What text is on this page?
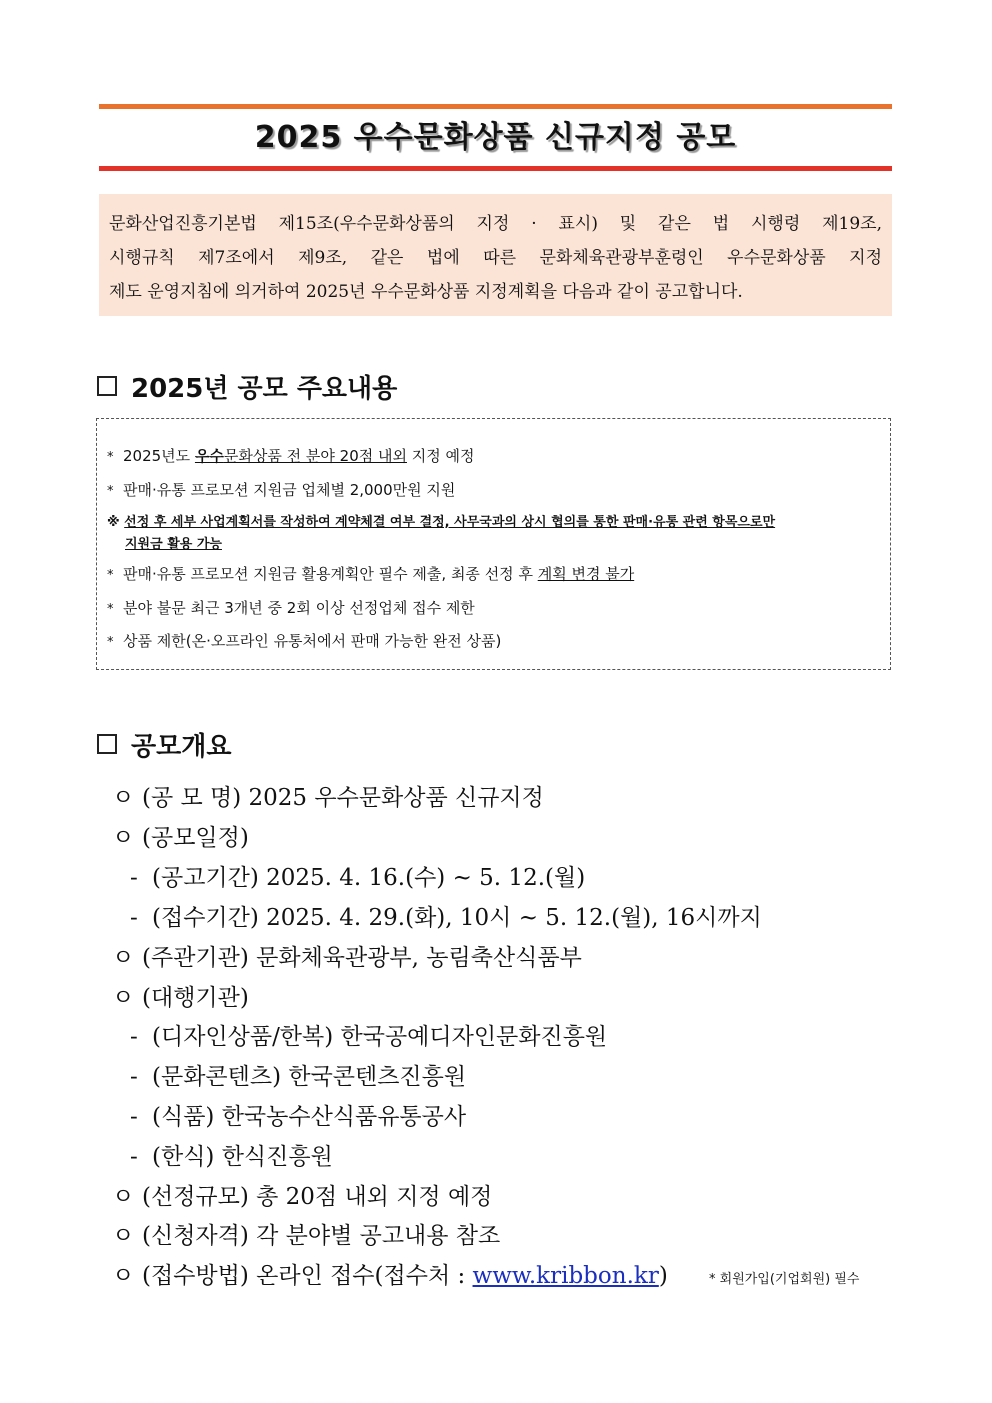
2025 우수문화상품 신규지정 공모

문화산업진흥기본법 제15조(우수문화상품의 지정 · 표시) 및 같은 법 시행령 제19조,

시행규칙 제7조에서 제9조, 같은 법에 따른 문화체육관광부훈령인 우수문화상품 지정

제도 운영지침에 의거하여 2025년 우수문화상품 지정계획을 다음과 같이 공고합니다.

2025년 공모 주요내용
* 2025년도 우수문화상품 전 분야 20점 내외 지정 예정
* 판매·유통 프로모션 지원금 업체별 2,000만원 지원
※ 선정 후 세부 사업계획서를 작성하여 계약체결 여부 결정, 사무국과의 상시 협의를 통한 판매·유통 관련 항목으로만
지원금 활용 가능
* 판매·유통 프로모션 지원금 활용계획안 필수 제출, 최종 선정 후 계획 변경 불가
* 분야 불문 최근 3개년 중 2회 이상 선정업체 접수 제한
* 상품 제한(온·오프라인 유통처에서 판매 가능한 완전 상품)
공모개요
ㅇ (공 모 명) 2025 우수문화상품 신규지정
ㅇ (공모일정)
- (공고기간) 2025. 4. 16.(수) ~ 5. 12.(월)
- (접수기간) 2025. 4. 29.(화), 10시 ~ 5. 12.(월), 16시까지
ㅇ (주관기관) 문화체육관광부, 농림축산식품부
ㅇ (대행기관)
- (디자인상품/한복) 한국공예디자인문화진흥원
- (문화콘텐츠) 한국콘텐츠진흥원
- (식품) 한국농수산식품유통공사
- (한식) 한식진흥원
ㅇ (선정규모) 총 20점 내외 지정 예정
ㅇ (신청자격) 각 분야별 공고내용 참조
ㅇ (접수방법) 온라인 접수(접수처 : www.kribbon.kr)	* 회원가입(기업회원) 필수
